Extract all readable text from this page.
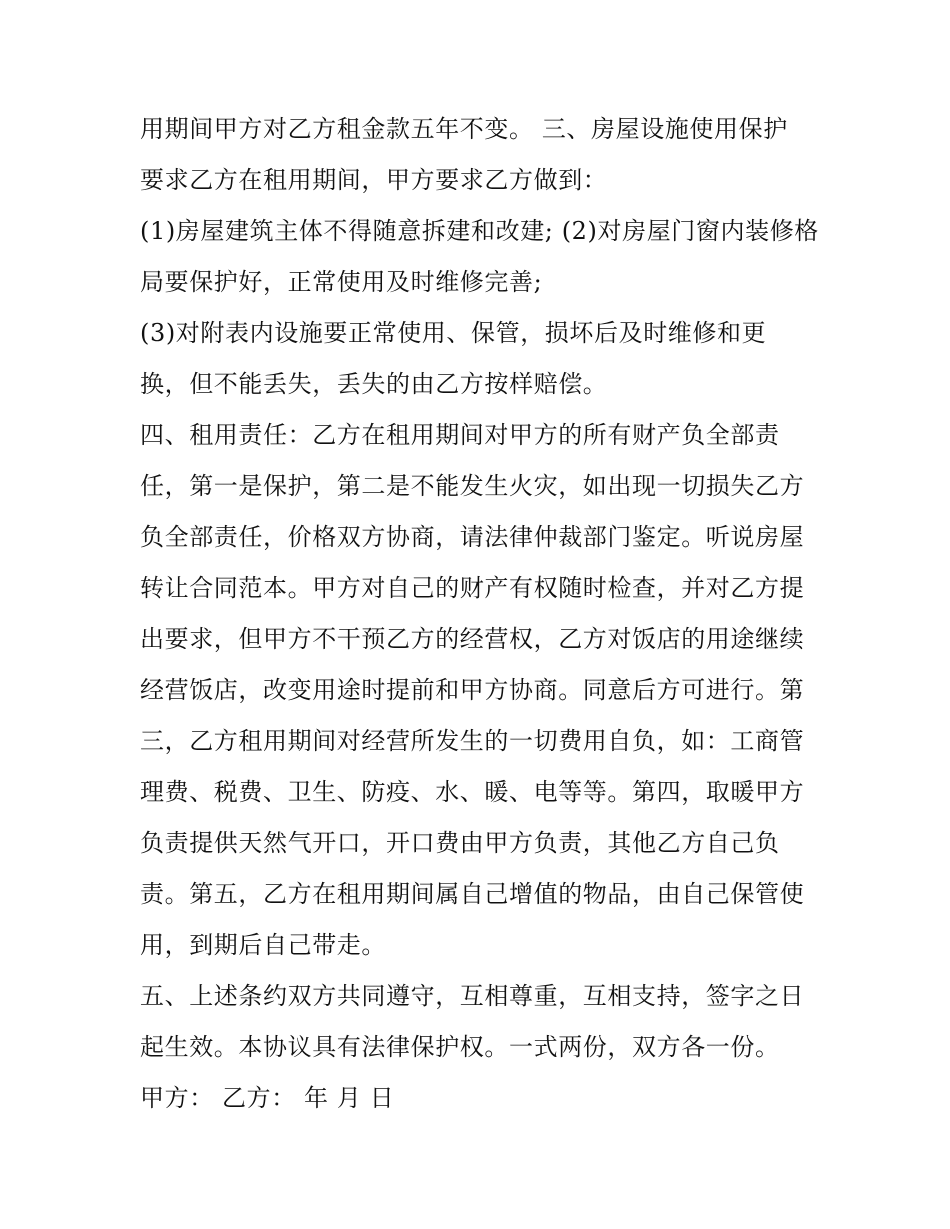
用期间甲方对乙方租金款五年不变。 三、房屋设施使用保护
要求乙方在租用期间，甲方要求乙方做到：
(1)房屋建筑主体不得随意拆建和改建; (2)对房屋门窗内装修格
局要保护好，正常使用及时维修完善;
(3)对附表内设施要正常使用、保管，损坏后及时维修和更
换，但不能丢失，丢失的由乙方按样赔偿。
四、租用责任：乙方在租用期间对甲方的所有财产负全部责
任，第一是保护，第二是不能发生火灾，如出现一切损失乙方
负全部责任，价格双方协商，请法律仲裁部门鉴定。听说房屋
转让合同范本。甲方对自己的财产有权随时检查，并对乙方提
出要求，但甲方不干预乙方的经营权，乙方对饭店的用途继续
经营饭店，改变用途时提前和甲方协商。同意后方可进行。第
三，乙方租用期间对经营所发生的一切费用自负，如：工商管
理费、税费、卫生、防疫、水、暖、电等等。第四，取暖甲方
负责提供天然气开口，开口费由甲方负责，其他乙方自己负
责。第五，乙方在租用期间属自己增值的物品，由自己保管使
用，到期后自己带走。
五、上述条约双方共同遵守，互相尊重，互相支持，签字之日
起生效。本协议具有法律保护权。一式两份，双方各一份。
甲方： 乙方： 年 月 日
